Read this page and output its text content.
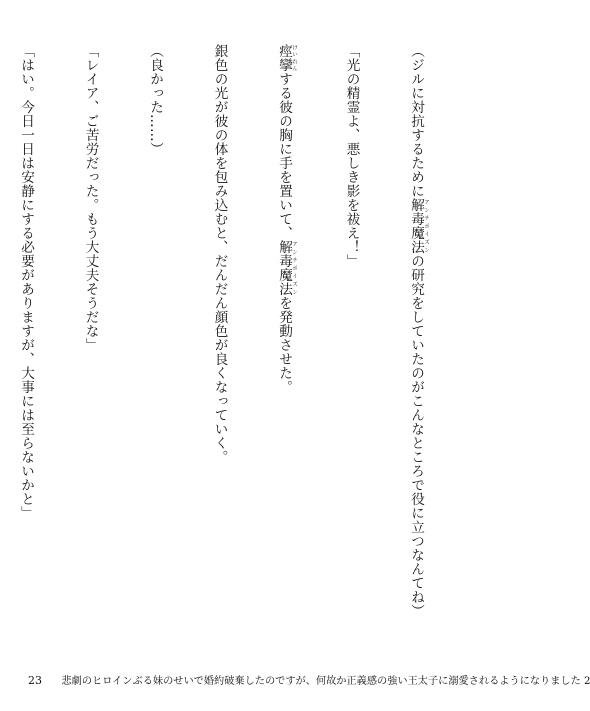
（ジルに対抗するために解毒魔法 アンチポイズンの研究をしていたのがこんなところで役に立つなんてね）

「光の精霊よ、悪しき影を祓え！」

痙攣 けいれんする彼の胸に手を置いて、解毒魔法 アンチポイズンを発動させた。

銀色の光が彼の体を包み込むと、だんだん顔色が良くなっていく。

（良かった……）

「レイア、ご苦労だった。もう大丈夫そうだな」

「はい。今日一日は安静にする必要がありますが、大事には至らないかと」

23 悲劇のヒロインぶる妹のせいで婚約破棄したのですが、何故か正義感の強い王太子に溺愛されるようになりました 2
